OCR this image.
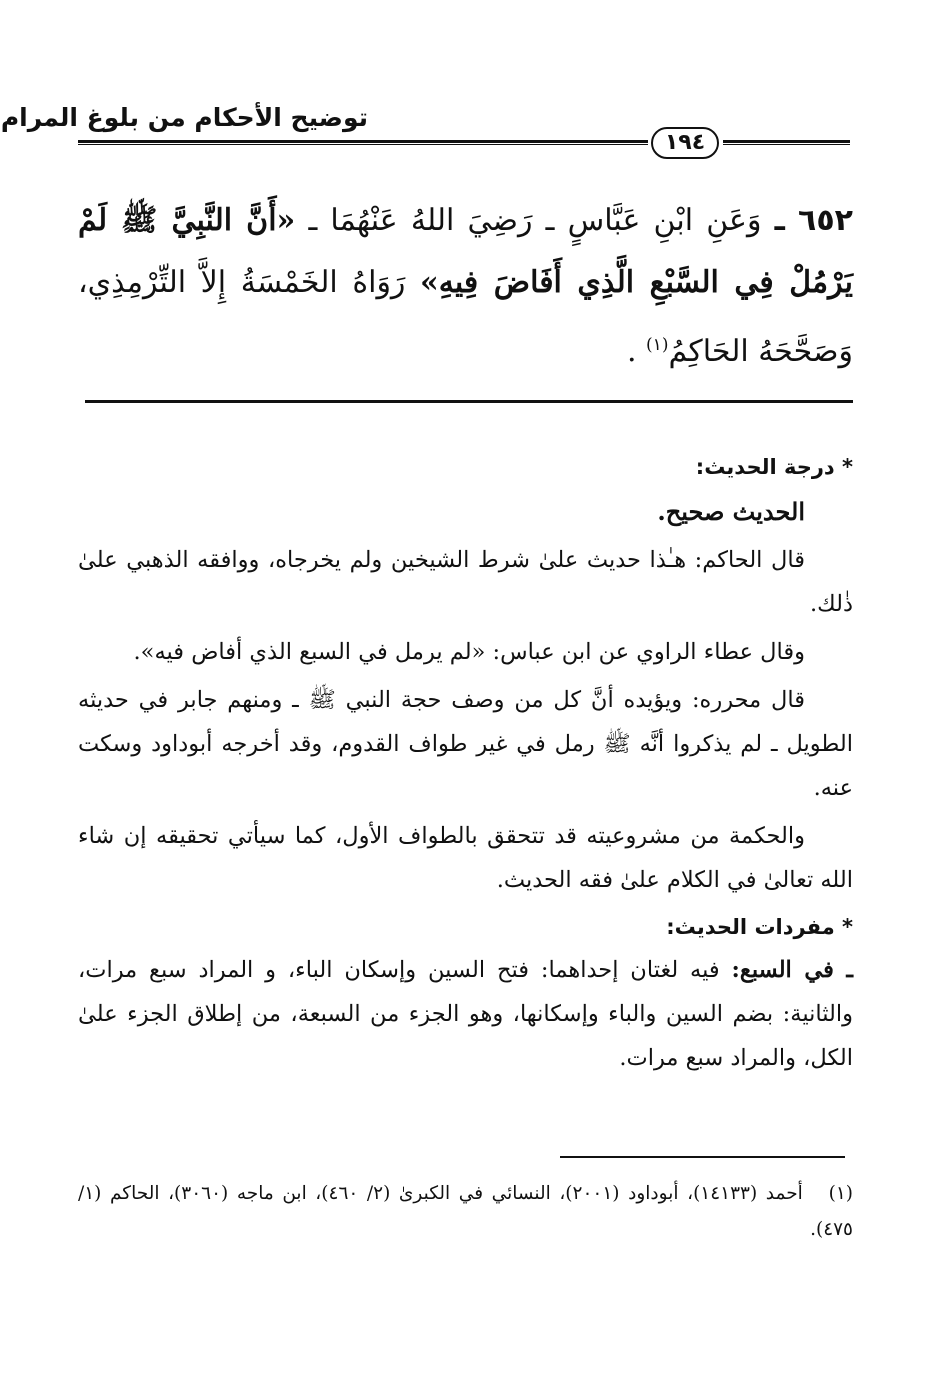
توضيح الأحكام من بلوغ المرام
١٩٤
٦٥٢ ـ وَعَنِ ابْنِ عَبَّاسٍ ـ رَضِيَ اللهُ عَنْهُمَا ـ «أَنَّ النَّبِيَّ ﷺ لَمْ يَرْمُلْ فِي السَّبْعِ الَّذِي أَفَاضَ فِيهِ» رَوَاهُ الخَمْسَةُ إِلاَّ التِّرْمِذِي، وَصَحَّحَهُ الحَاكِمُ$^{(١)}$ .
* درجة الحديث:
الحديث صحيح.
قال الحاكم: هـٰذا حديث علىٰ شرط الشيخين ولم يخرجاه، ووافقه الذهبي علىٰ ذٰلك.
وقال عطاء الراوي عن ابن عباس: «لم يرمل في السبع الذي أفاض فيه».
قال محرره: ويؤيده أنَّ كل من وصف حجة النبي ﷺ ـ ومنهم جابر في حديثه الطويل ـ لم يذكروا أنَّه ﷺ رمل في غير طواف القدوم، وقد أخرجه أبوداود وسكت عنه.
والحكمة من مشروعيته قد تتحقق بالطواف الأول، كما سيأتي تحقيقه إن شاء الله تعالىٰ في الكلام علىٰ فقه الحديث.
* مفردات الحديث:
ـ في السبع: فيه لغتان إحداهما: فتح السين وإسكان الباء، و المراد سبع مرات، والثانية: بضم السين والباء وإسكانها، وهو الجزء من السبعة، من إطلاق الجزء علىٰ الكل، والمراد سبع مرات.
(١)   أحمد (١٤١٣٣)، أبوداود (٢٠٠١)، النسائي في الكبرىٰ (٢/ ٤٦٠)، ابن ماجه (٣٠٦٠)، الحاكم (١/ ٤٧٥).
